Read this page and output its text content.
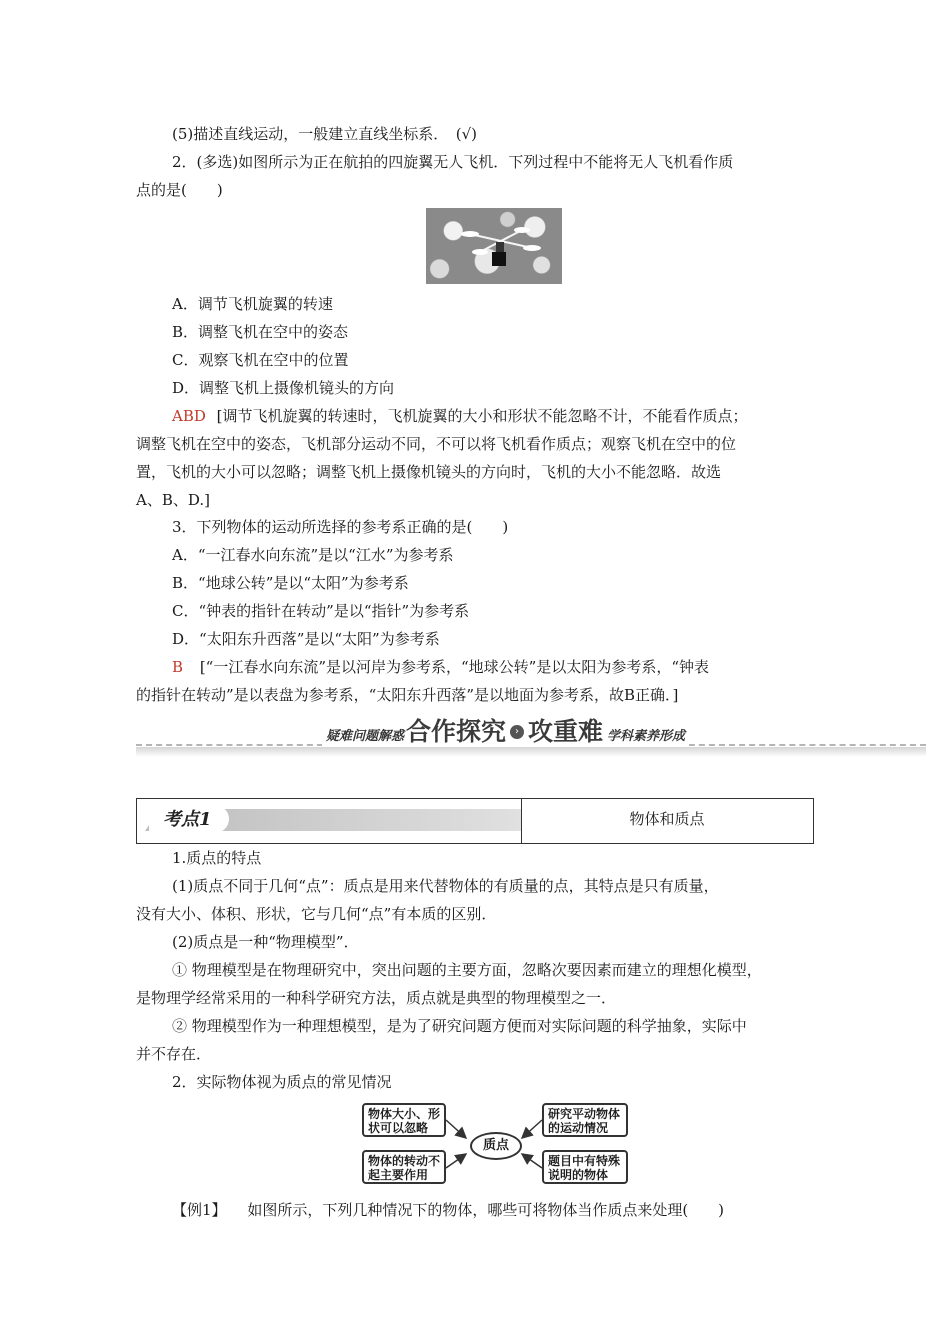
(5)描述直线运动，一般建立直线坐标系．　(√)
2．(多选)如图所示为正在航拍的四旋翼无人飞机．下列过程中不能将无人飞机看作质
点的是(　　)
A．调节飞机旋翼的转速
B．调整飞机在空中的姿态
C．观察飞机在空中的位置
D．调整飞机上摄像机镜头的方向
ABD [调节飞机旋翼的转速时，飞机旋翼的大小和形状不能忽略不计，不能看作质点；
调整飞机在空中的姿态，飞机部分运动不同，不可以将飞机看作质点；观察飞机在空中的位
置，飞机的大小可以忽略；调整飞机上摄像机镜头的方向时，飞机的大小不能忽略．故选
A、B、D.]
3．下列物体的运动所选择的参考系正确的是(　　)
A．“一江春水向东流”是以“江水”为参考系
B．“地球公转”是以“太阳”为参考系
C．“钟表的指针在转动”是以“指针”为参考系
D．“太阳东升西落”是以“太阳”为参考系
B [“一江春水向东流”是以河岸为参考系，“地球公转”是以太阳为参考系，“钟表
的指针在转动”是以表盘为参考系，“太阳东升西落”是以地面为参考系，故B正确．]
疑难问题解惑 合作探究 › 攻重难 学科素养形成
考点1	物体和质点
1.质点的特点
(1)质点不同于几何“点”：质点是用来代替物体的有质量的点，其特点是只有质量，
没有大小、体积、形状，它与几何“点”有本质的区别．
(2)质点是一种“物理模型”．
① 物理模型是在物理研究中，突出问题的主要方面，忽略次要因素而建立的理想化模型，
是物理学经常采用的一种科学研究方法，质点就是典型的物理模型之一．
② 物理模型作为一种理想模型，是为了研究问题方便而对实际问题的科学抽象，实际中
并不存在．
2．实际物体视为质点的常见情况
物体大小、形状可以忽略
研究平动物体的运动情况
物体的转动不起主要作用
题目中有特殊说明的物体
质点
【例1】 如图所示，下列几种情况下的物体，哪些可将物体当作质点来处理(　　)
